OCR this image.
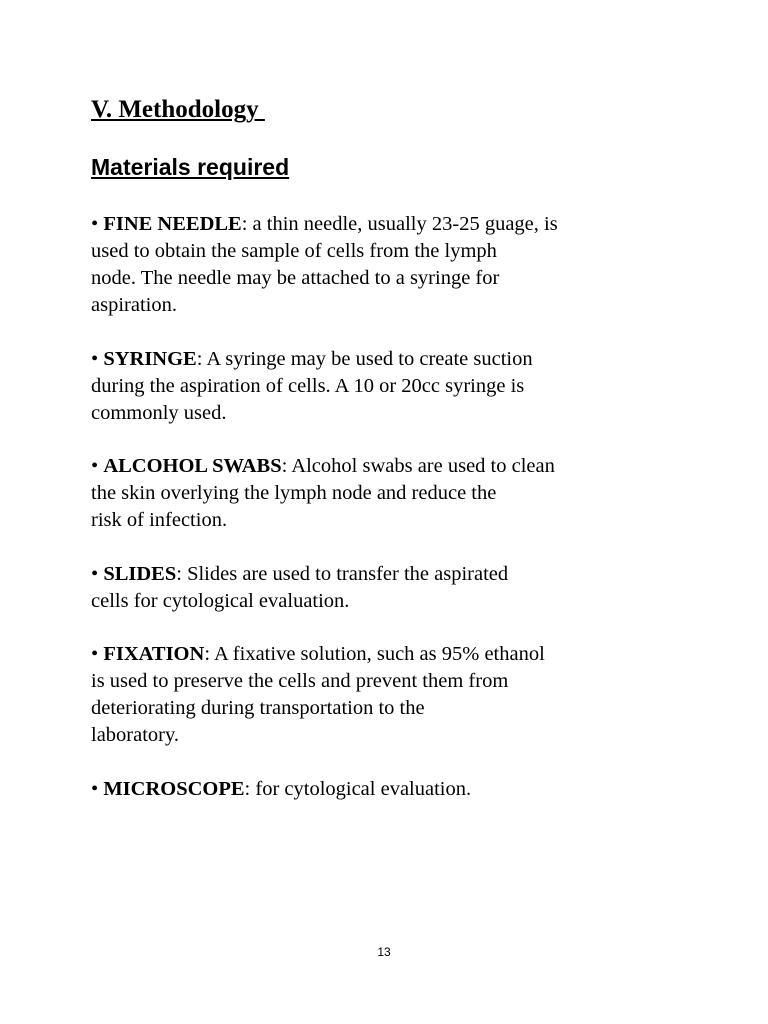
V. Methodology
Materials required
• FINE NEEDLE: a thin needle, usually 23-25 guage, is
used to obtain the sample of cells from the lymph
node. The needle may be attached to a syringe for
aspiration.
• SYRINGE: A syringe may be used to create suction
during the aspiration of cells. A 10 or 20cc syringe is
commonly used.
• ALCOHOL SWABS: Alcohol swabs are used to clean
the skin overlying the lymph node and reduce the
risk of infection.
• SLIDES: Slides are used to transfer the aspirated
cells for cytological evaluation.
• FIXATION: A fixative solution, such as 95% ethanol
is used to preserve the cells and prevent them from
deteriorating during transportation to the
laboratory.
• MICROSCOPE: for cytological evaluation.
13
